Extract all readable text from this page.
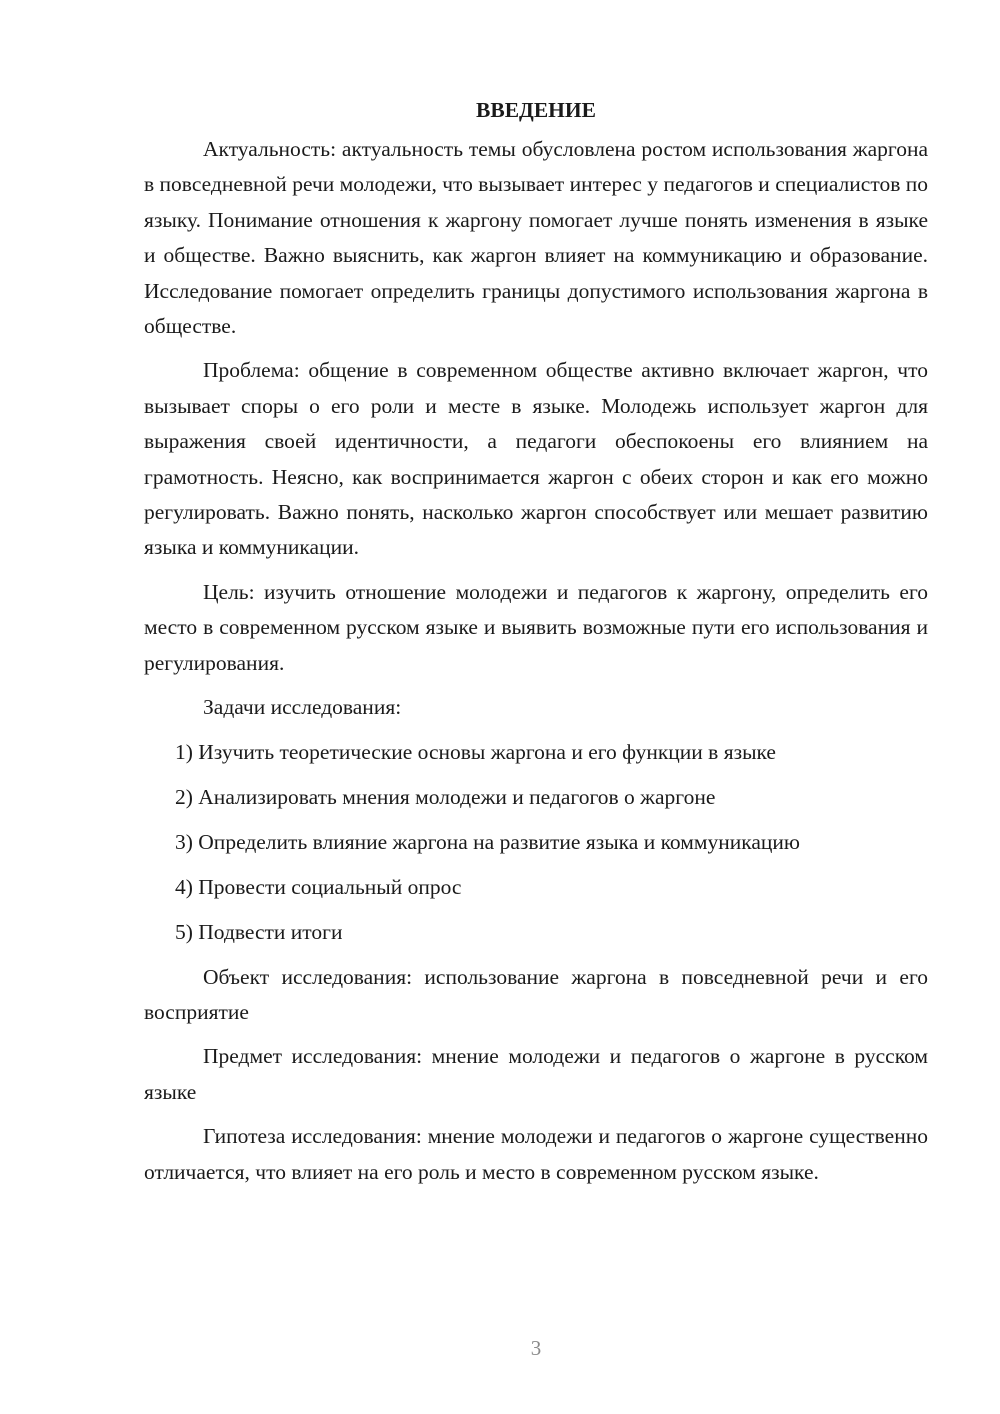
ВВЕДЕНИЕ

Актуальность: актуальность темы обусловлена ростом использования жаргона в повседневной речи молодежи, что вызывает интерес у педагогов и специалистов по языку. Понимание отношения к жаргону помогает лучше понять изменения в языке и обществе. Важно выяснить, как жаргон влияет на коммуникацию и образование. Исследование помогает определить границы допустимого использования жаргона в обществе.

Проблема: общение в современном обществе активно включает жаргон, что вызывает споры о его роли и месте в языке. Молодежь использует жаргон для выражения своей идентичности, а педагоги обеспокоены его влиянием на грамотность. Неясно, как воспринимается жаргон с обеих сторон и как его можно регулировать. Важно понять, насколько жаргон способствует или мешает развитию языка и коммуникации.

Цель: изучить отношение молодежи и педагогов к жаргону, определить его место в современном русском языке и выявить возможные пути его использования и регулирования.

Задачи исследования:

1) Изучить теоретические основы жаргона и его функции в языке
2) Анализировать мнения молодежи и педагогов о жаргоне
3) Определить влияние жаргона на развитие языка и коммуникацию
4) Провести социальный опрос
5) Подвести итоги

Объект исследования: использование жаргона в повседневной речи и его восприятие

Предмет исследования: мнение молодежи и педагогов о жаргоне в русском языке

Гипотеза исследования: мнение молодежи и педагогов о жаргоне существенно отличается, что влияет на его роль и место в современном русском языке.

3
